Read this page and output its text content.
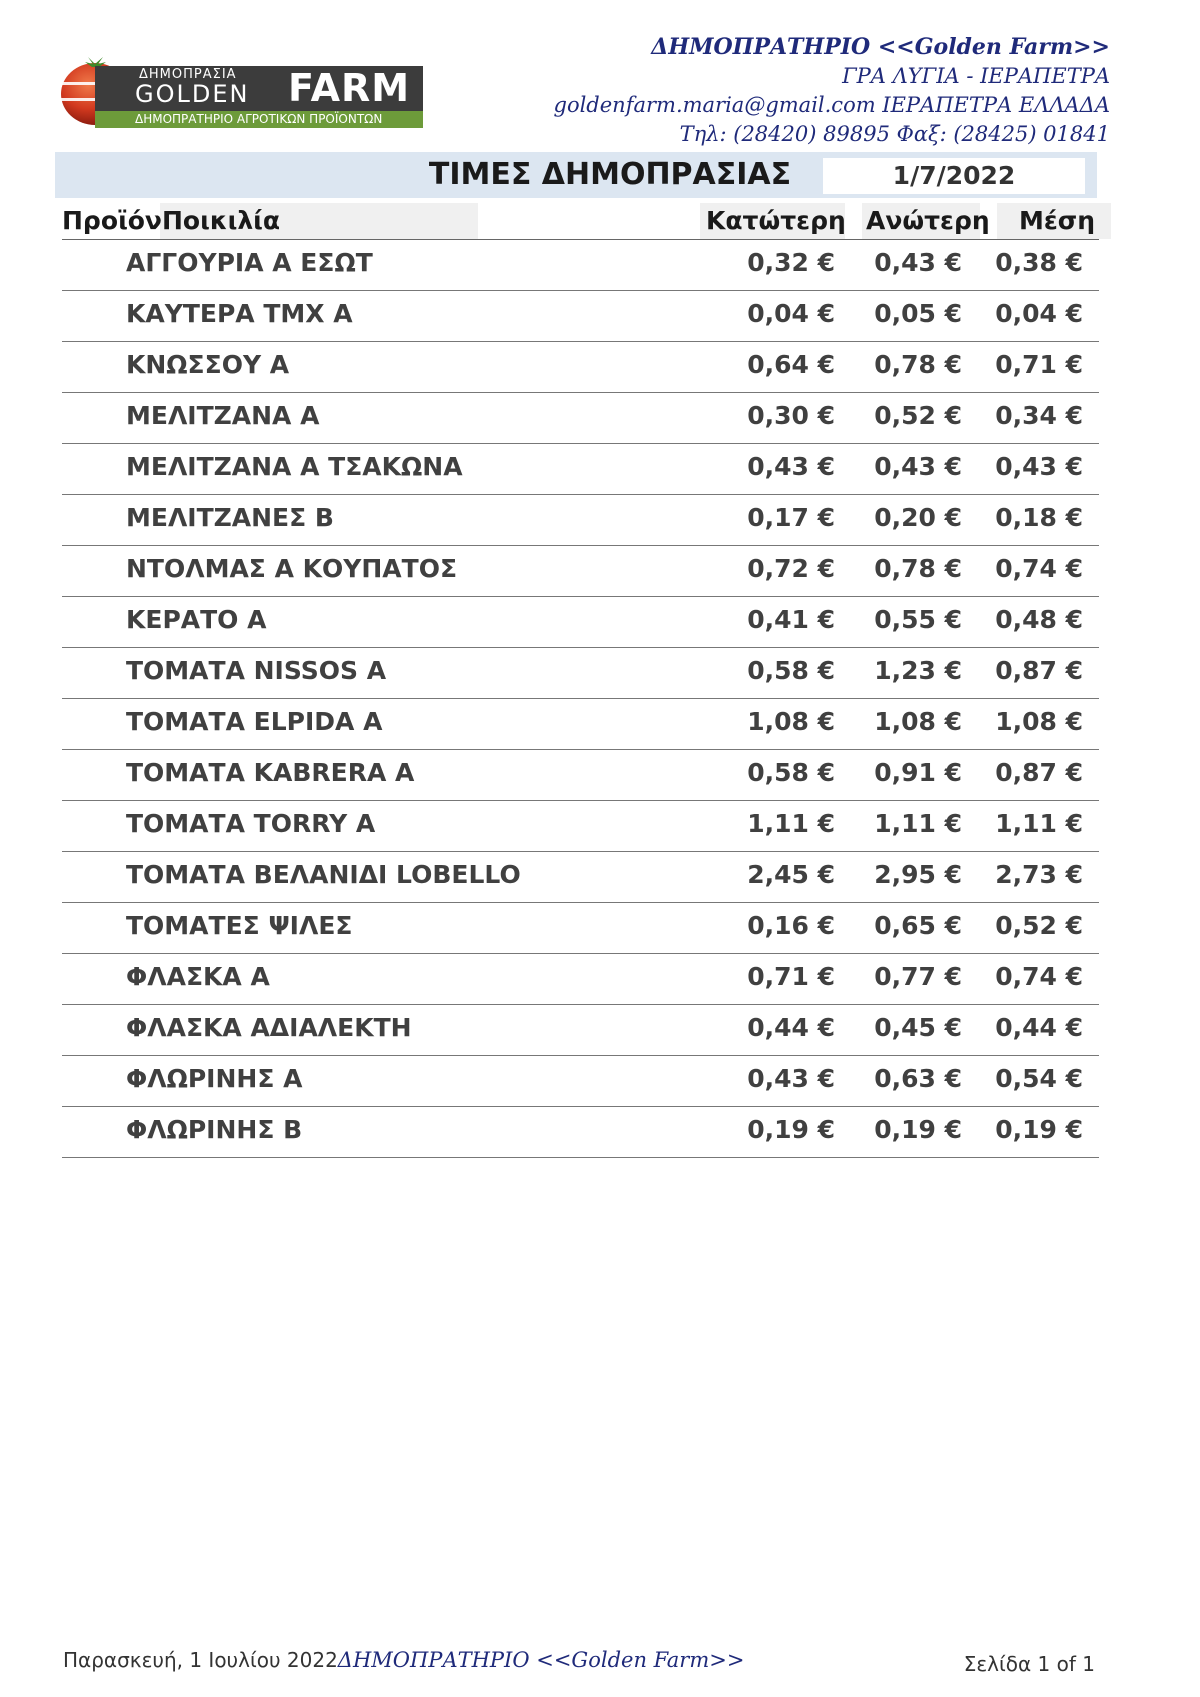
ΔΗΜΟΠΡΑΣΙΑ
GOLDEN FARM
ΔΗΜΟΠΡΑΤΗΡΙΟ ΑΓΡΟΤΙΚΩΝ ΠΡΟΪΟΝΤΩΝ
ΔΗΜΟΠΡΑΤΗΡΙΟ <<Golden Farm>>
ΓΡΑ ΛΥΓΙΑ - ΙΕΡΑΠΕΤΡΑ
goldenfarm.maria@gmail.com ΙΕΡΑΠΕΤΡΑ ΕΛΛΑΔΑ
Τηλ: (28420) 89895 Φαξ: (28425) 01841
ΤΙΜΕΣ ΔΗΜΟΠΡΑΣΙΑΣ	1/7/2022
Προϊόν Ποικιλία	Κατώτερη Ανώτερη Μέση
ΑΓΓΟΥΡΙΑ Α ΕΣΩΤ	0,32 € 0,43 € 0,38 €
ΚΑΥΤΕΡΑ ΤΜΧ Α	0,04 € 0,05 € 0,04 €
ΚΝΩΣΣΟΥ Α	0,64 € 0,78 € 0,71 €
ΜΕΛΙΤΖΑΝΑ Α	0,30 € 0,52 € 0,34 €
ΜΕΛΙΤΖΑΝΑ Α ΤΣΑΚΩΝΑ	0,43 € 0,43 € 0,43 €
ΜΕΛΙΤΖΑΝΕΣ Β	0,17 € 0,20 € 0,18 €
ΝΤΟΛΜΑΣ Α ΚΟΥΠΑΤΟΣ	0,72 € 0,78 € 0,74 €
ΚΕΡΑΤΟ Α	0,41 € 0,55 € 0,48 €
ΤΟΜΑΤΑ NISSOS A	0,58 € 1,23 € 0,87 €
ΤΟΜΑΤΑ ELPIDA A	1,08 € 1,08 € 1,08 €
ΤΟΜΑΤΑ KABRERA A	0,58 € 0,91 € 0,87 €
ΤΟΜΑΤΑ TORRY A	1,11 € 1,11 € 1,11 €
ΤΟΜΑΤΑ ΒΕΛΑΝΙΔΙ LOBELLO	2,45 € 2,95 € 2,73 €
ΤΟΜΑΤΕΣ ΨΙΛΕΣ	0,16 € 0,65 € 0,52 €
ΦΛΑΣΚΑ Α	0,71 € 0,77 € 0,74 €
ΦΛΑΣΚΑ ΑΔΙΑΛΕΚΤΗ	0,44 € 0,45 € 0,44 €
ΦΛΩΡΙΝΗΣ Α	0,43 € 0,63 € 0,54 €
ΦΛΩΡΙΝΗΣ Β	0,19 € 0,19 € 0,19 €
Παρασκευή, 1 Ιουλίου 2022ΔΗΜΟΠΡΑΤΗΡΙΟ <<Golden Farm>>	Σελίδα 1 of 1
